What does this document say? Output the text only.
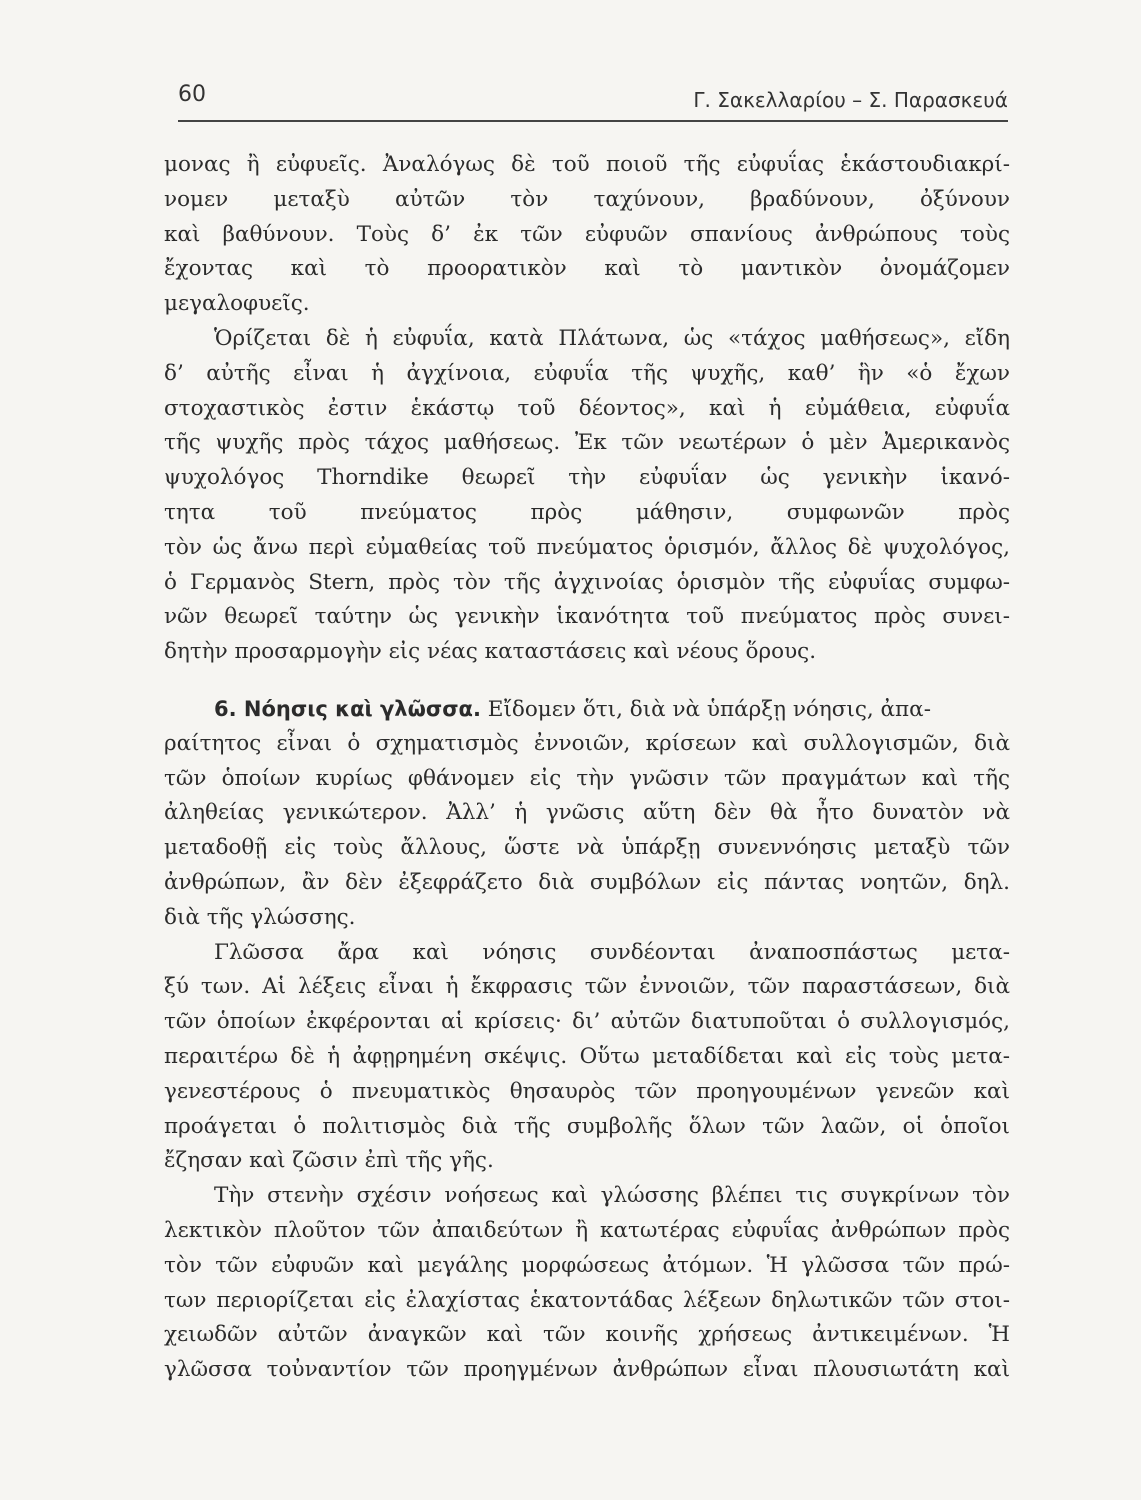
60	Γ. Σακελλαρίου – Σ. Παρασκευά
μονας ἢ εὐφυεῖς. Ἀναλόγως δὲ τοῦ ποιοῦ τῆς εὐφυΐας ἑκάστουδιακρί-
νομεν μεταξὺ αὐτῶν τὸν ταχύνουν, βραδύνουν, ὀξύνουν
καὶ βαθύνουν. Τοὺς δ’ ἐκ τῶν εὐφυῶν σπανίους ἀνθρώπους τοὺς
ἔχοντας καὶ τὸ προορατικὸν καὶ τὸ μαντικὸν ὀνομάζομεν
μεγαλοφυεῖς.
Ὁρίζεται δὲ ἡ εὐφυΐα, κατὰ Πλάτωνα, ὡς «τάχος μαθήσεως», εἴδη
δ’ αὐτῆς εἶναι ἡ ἀγχίνοια, εὐφυΐα τῆς ψυχῆς, καθ’ ἣν «ὁ ἔχων
στοχαστικὸς ἐστιν ἑκάστῳ τοῦ δέοντος», καὶ ἡ εὐμάθεια, εὐφυΐα
τῆς ψυχῆς πρὸς τάχος μαθήσεως. Ἐκ τῶν νεωτέρων ὁ μὲν Ἀμερικανὸς
ψυχολόγος Thorndike θεωρεῖ τὴν εὐφυΐαν ὡς γενικὴν ἱκανό-
τητα τοῦ πνεύματος πρὸς μάθησιν, συμφωνῶν πρὸς
τὸν ὡς ἄνω περὶ εὐμαθείας τοῦ πνεύματος ὁρισμόν, ἄλλος δὲ ψυχολόγος,
ὁ Γερμανὸς Stern, πρὸς τὸν τῆς ἀγχινοίας ὁρισμὸν τῆς εὐφυΐας συμφω-
νῶν θεωρεῖ ταύτην ὡς γενικὴν ἱκανότητα τοῦ πνεύματος πρὸς συνει-
δητὴν προσαρμογὴν εἰς νέας καταστάσεις καὶ νέους ὅρους.
6. Νόησις καὶ γλῶσσα. Εἴδομεν ὅτι, διὰ νὰ ὑπάρξῃ νόησις, ἀπα-
ραίτητος εἶναι ὁ σχηματισμὸς ἐννοιῶν, κρίσεων καὶ συλλογισμῶν, διὰ
τῶν ὁποίων κυρίως φθάνομεν εἰς τὴν γνῶσιν τῶν πραγμάτων καὶ τῆς
ἀληθείας γενικώτερον. Ἀλλ’ ἡ γνῶσις αὕτη δὲν θὰ ἦτο δυνατὸν νὰ
μεταδοθῇ εἰς τοὺς ἄλλους, ὥστε νὰ ὑπάρξῃ συνεννόησις μεταξὺ τῶν
ἀνθρώπων, ἂν δὲν ἐξεφράζετο διὰ συμβόλων εἰς πάντας νοητῶν, δηλ.
διὰ τῆς γλώσσης.
Γλῶσσα ἄρα καὶ νόησις συνδέονται ἀναποσπάστως μετα-
ξύ των. Αἱ λέξεις εἶναι ἡ ἔκφρασις τῶν ἐννοιῶν, τῶν παραστάσεων, διὰ
τῶν ὁποίων ἐκφέρονται αἱ κρίσεις· δι’ αὐτῶν διατυποῦται ὁ συλλογισμός,
περαιτέρω δὲ ἡ ἀφῃρημένη σκέψις. Οὕτω μεταδίδεται καὶ εἰς τοὺς μετα-
γενεστέρους ὁ πνευματικὸς θησαυρὸς τῶν προηγουμένων γενεῶν καὶ
προάγεται ὁ πολιτισμὸς διὰ τῆς συμβολῆς ὅλων τῶν λαῶν, οἱ ὁποῖοι
ἔζησαν καὶ ζῶσιν ἐπὶ τῆς γῆς.
Τὴν στενὴν σχέσιν νοήσεως καὶ γλώσσης βλέπει τις συγκρίνων τὸν
λεκτικὸν πλοῦτον τῶν ἀπαιδεύτων ἢ κατωτέρας εὐφυΐας ἀνθρώπων πρὸς
τὸν τῶν εὐφυῶν καὶ μεγάλης μορφώσεως ἀτόμων. Ἡ γλῶσσα τῶν πρώ-
των περιορίζεται εἰς ἐλαχίστας ἑκατοντάδας λέξεων δηλωτικῶν τῶν στοι-
χειωδῶν αὐτῶν ἀναγκῶν καὶ τῶν κοινῆς χρήσεως ἀντικειμένων. Ἡ
γλῶσσα τοὐναντίον τῶν προηγμένων ἀνθρώπων εἶναι πλουσιωτάτη καὶ
